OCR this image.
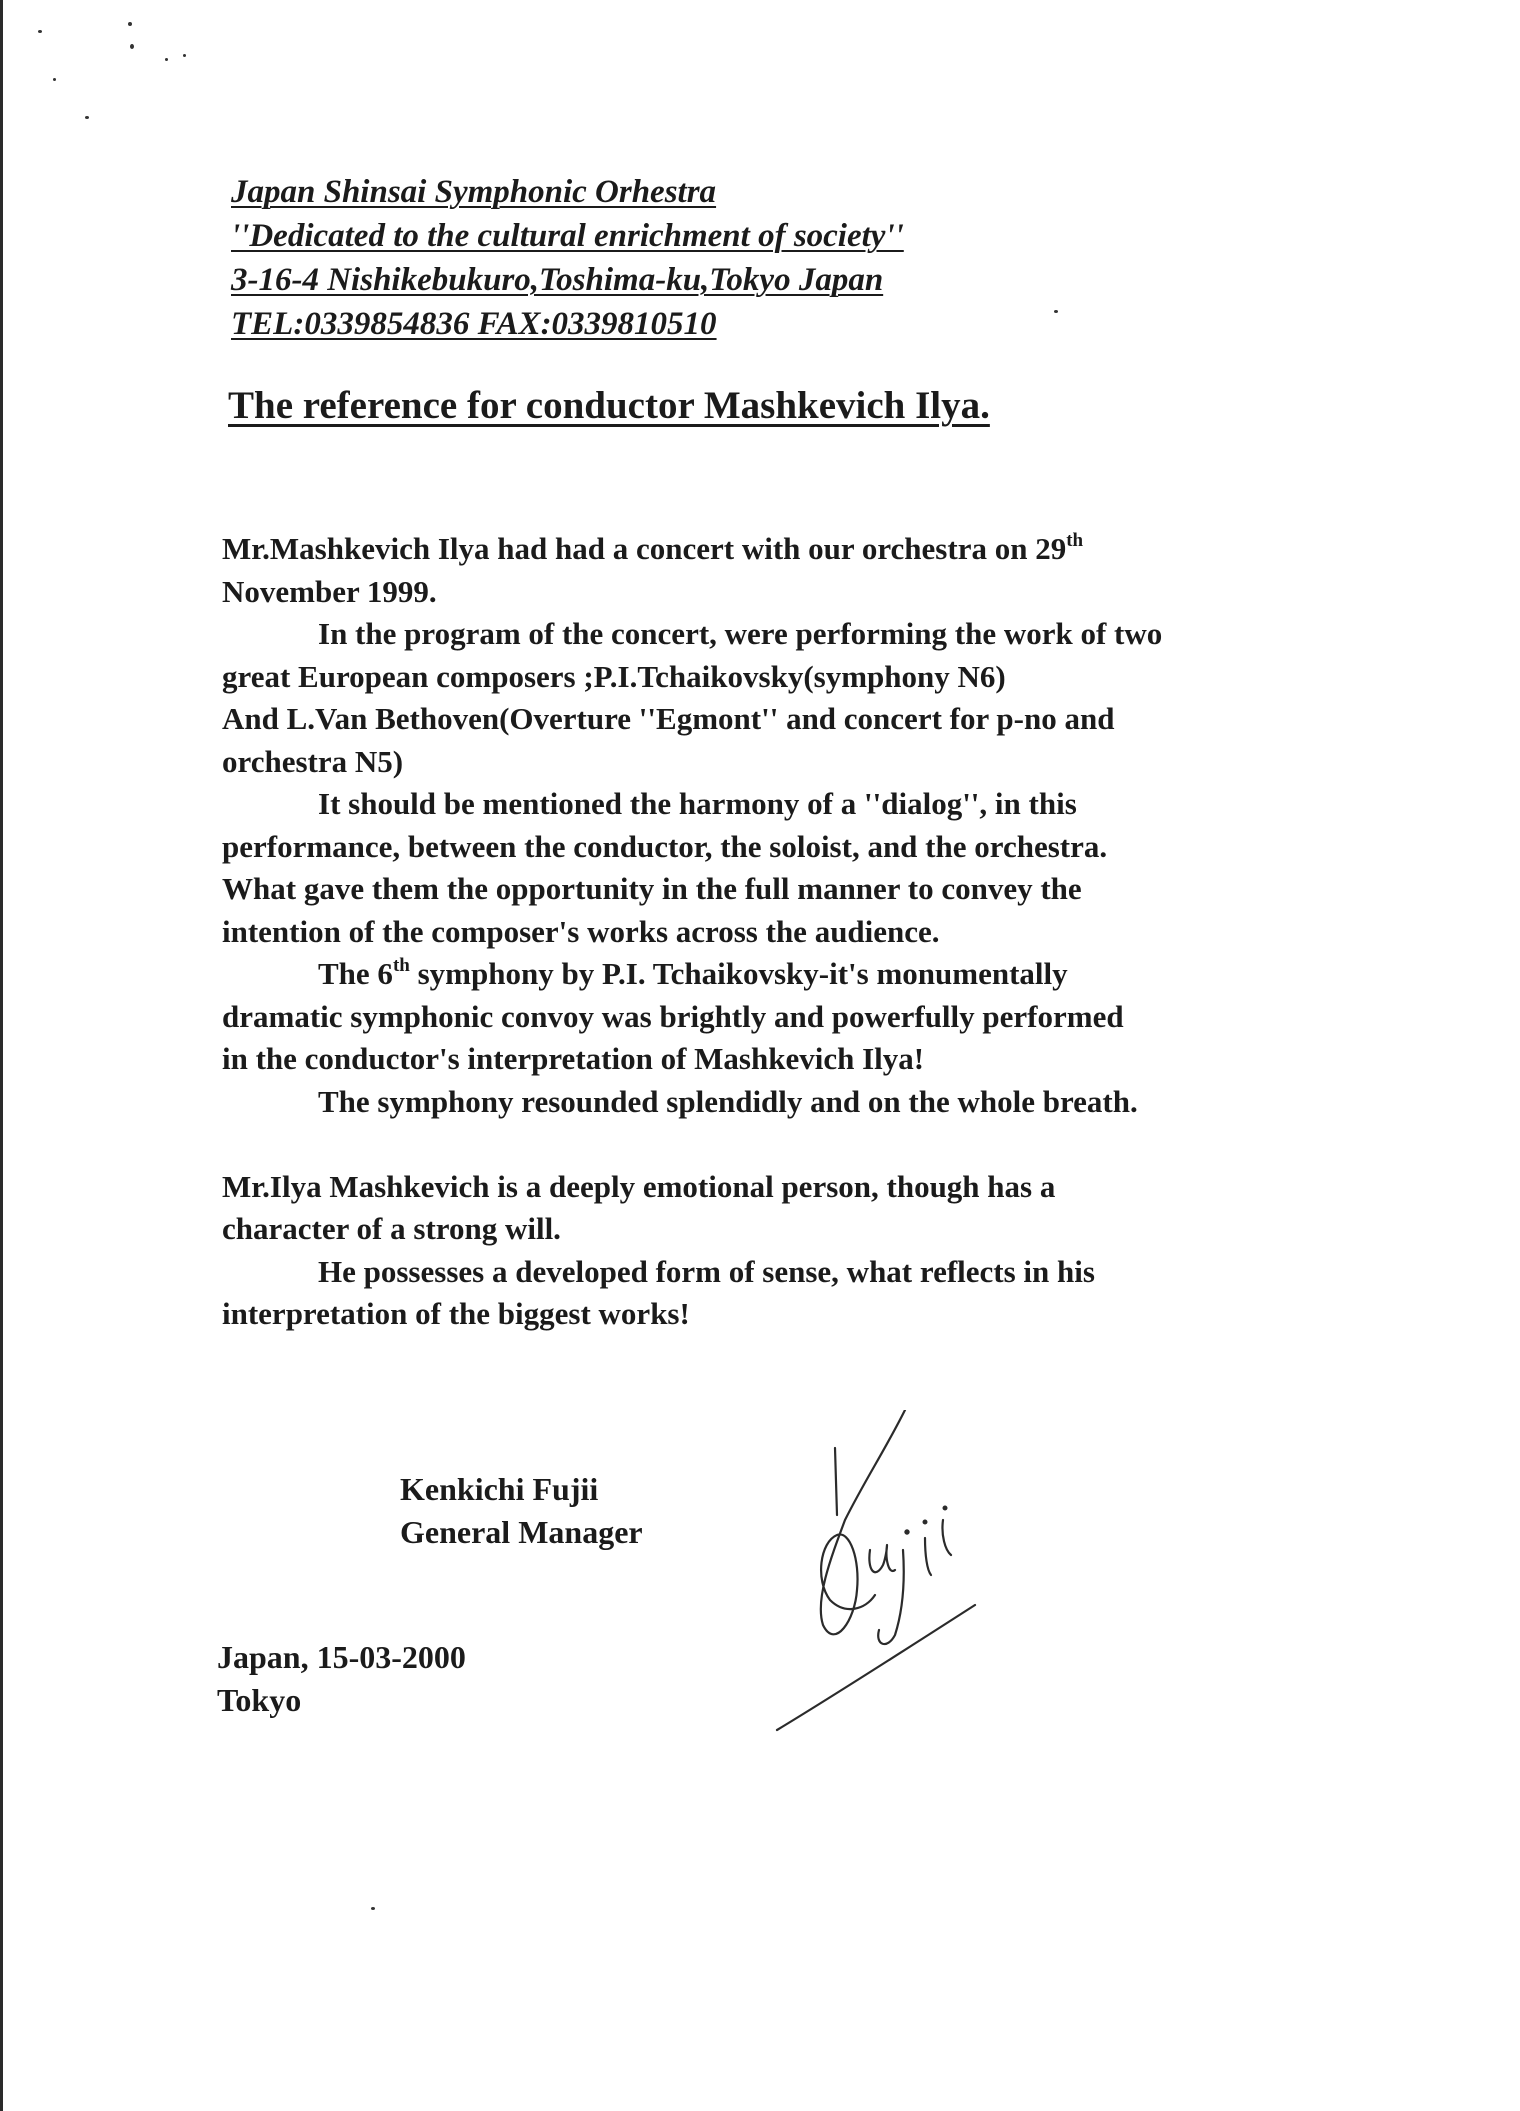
Japan Shinsai Symphonic Orhestra
''Dedicated to the cultural enrichment of society''
3-16-4 Nishikebukuro,Toshima-ku,Tokyo Japan
TEL:0339854836 FAX:0339810510
The reference for conductor Mashkevich Ilya.
Mr.Mashkevich Ilya had had a concert with our orchestra on 29th
November 1999.
In the program of the concert, were performing the work of two
great European composers ;P.I.Tchaikovsky(symphony N6)
And L.Van Bethoven(Overture ''Egmont'' and concert for p-no and
orchestra N5)
It should be mentioned the harmony of a ''dialog'', in this
performance, between the conductor, the soloist, and the orchestra.
What gave them the opportunity in the full manner to convey the
intention of the composer's works across the audience.
The 6th symphony by P.I. Tchaikovsky-it's monumentally
dramatic symphonic convoy was brightly and powerfully performed
in the conductor's interpretation of Mashkevich Ilya!
The symphony resounded splendidly and on the whole breath.
Mr.Ilya Mashkevich is a deeply emotional person, though has a
character of a strong will.
He possesses a developed form of sense, what reflects in his
interpretation of the biggest works!
Kenkichi Fujii
General Manager
Japan, 15-03-2000
Tokyo
